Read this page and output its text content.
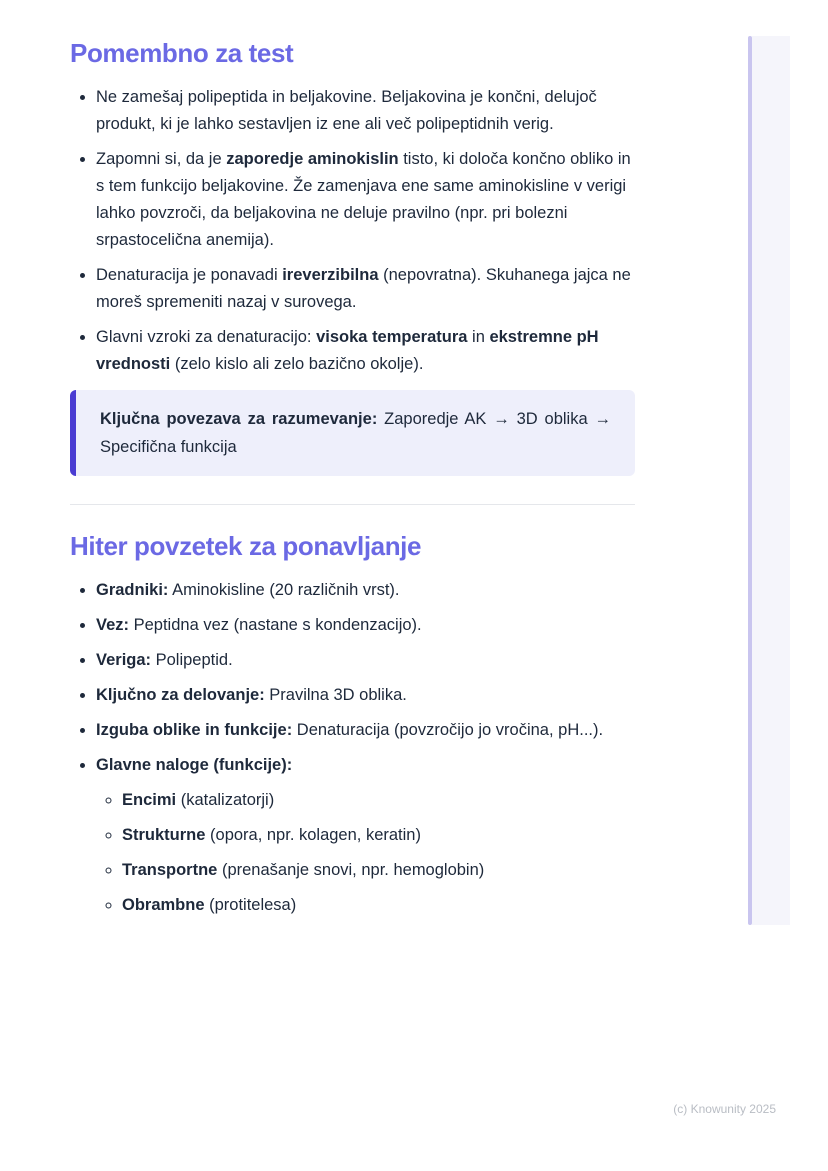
Pomembno za test
• Ne zamešaj polipeptida in beljakovine. Beljakovina je končni, delujoč produkt, ki je lahko sestavljen iz ene ali več polipeptidnih verig.
• Zapomni si, da je zaporedje aminokislin tisto, ki določa končno obliko in s tem funkcijo beljakovine. Že zamenjava ene same aminokisline v verigi lahko povzroči, da beljakovina ne deluje pravilno (npr. pri bolezni srpastocelična anemija).
• Denaturacija je ponavadi ireverzibilna (nepovratna). Skuhanega jajca ne moreš spremeniti nazaj v surovega.
• Glavni vzroki za denaturacijo: visoka temperatura in ekstremne pH vrednosti (zelo kislo ali zelo bazično okolje).
Ključna povezava za razumevanje: Zaporedje AK → 3D oblika → Specifična funkcija
Hiter povzetek za ponavljanje
• Gradniki: Aminokisline (20 različnih vrst).
• Vez: Peptidna vez (nastane s kondenzacijo).
• Veriga: Polipeptid.
• Ključno za delovanje: Pravilna 3D oblika.
• Izguba oblike in funkcije: Denaturacija (povzročijo jo vročina, pH...).
• Glavne naloge (funkcije):
◦ Encimi (katalizatorji)
◦ Strukturne (opora, npr. kolagen, keratin)
◦ Transportne (prenašanje snovi, npr. hemoglobin)
◦ Obrambne (protitelesa)
(c) Knowunity 2025
